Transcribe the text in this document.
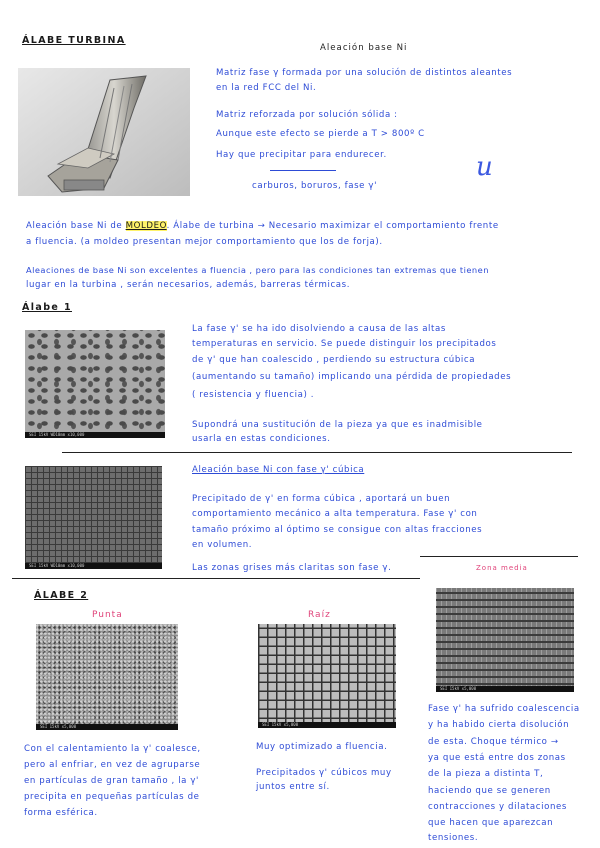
ÁLABE TURBINA
Aleación base Ni
Matriz fase γ formada por una solución de distintos aleantes
en la red FCC del Ni.
Matriz reforzada por solución sólida :
Aunque este efecto se pierde a T > 800º C
Hay que precipitar para endurecer.
carburos, boruros, fase γ'
u
Aleación base Ni de MOLDEO. Álabe de turbina → Necesario maximizar el comportamiento frente
a fluencia. (a moldeo presentan mejor comportamiento que los de forja).
Aleaciones de base Ni son excelentes a fluencia , pero para las condiciones tan extremas que tienen
lugar en la turbina , serán necesarios, además, barreras térmicas.
Álabe 1
SEI 15kV WD10mm x10,000
La fase γ' se ha ido disolviendo a causa de las altas
temperaturas en servicio. Se puede distinguir los precipitados
de γ' que han coalescido , perdiendo su estructura cúbica
(aumentando su tamaño) implicando una pérdida de propiedades
( resistencia y fluencia) .
Supondrá una sustitución de la pieza ya que es inadmisible
usarla en estas condiciones.
SEI 15kV WD10mm x10,000
Aleación base Ni con fase γ' cúbica
Precipitado de γ' en forma cúbica , aportará un buen
comportamiento mecánico a alta temperatura. Fase γ' con
tamaño próximo al óptimo se consigue con altas fracciones
en volumen.
Las zonas grises más claritas son fase γ.
ÁLABE 2
Punta	Raíz
Zona media
SEI 15kV x5,000	SEI 15kV x5,000
SEI 15kV x5,000
Con el calentamiento la γ' coalesce,
pero al enfriar, en vez de agruparse
en partículas de gran tamaño , la γ'
precipita en pequeñas partículas de
forma esférica.
Muy optimizado a fluencia.
Precipitados γ' cúbicos muy
juntos entre sí.
Fase γ' ha sufrido coalescencia
y ha habido cierta disolución
de esta. Choque térmico →
ya que está entre dos zonas
de la pieza a distinta T,
haciendo que se generen
contracciones y dilataciones
que hacen que aparezcan
tensiones.
